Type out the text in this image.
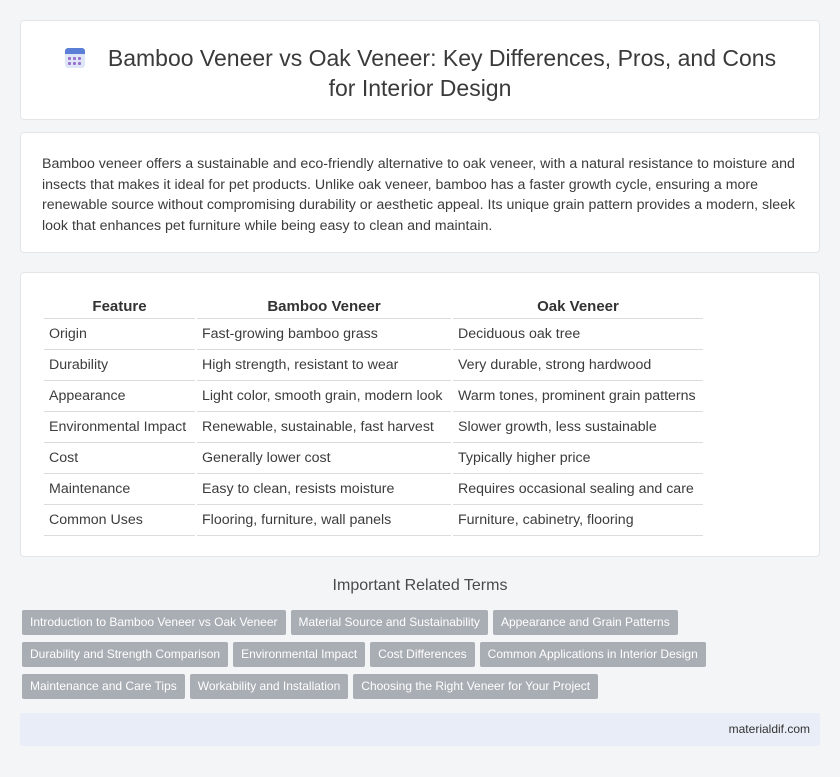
Bamboo Veneer vs Oak Veneer: Key Differences, Pros, and Cons for Interior Design

Bamboo veneer offers a sustainable and eco-friendly alternative to oak veneer, with a natural resistance to moisture and insects that makes it ideal for pet products. Unlike oak veneer, bamboo has a faster growth cycle, ensuring a more renewable source without compromising durability or aesthetic appeal. Its unique grain pattern provides a modern, sleek look that enhances pet furniture while being easy to clean and maintain.

Feature	Bamboo Veneer	Oak Veneer
Origin	Fast-growing bamboo grass	Deciduous oak tree
Durability	High strength, resistant to wear	Very durable, strong hardwood
Appearance	Light color, smooth grain, modern look	Warm tones, prominent grain patterns
Environmental Impact	Renewable, sustainable, fast harvest	Slower growth, less sustainable
Cost	Generally lower cost	Typically higher price
Maintenance	Easy to clean, resists moisture	Requires occasional sealing and care
Common Uses	Flooring, furniture, wall panels	Furniture, cabinetry, flooring
Important Related Terms
Introduction to Bamboo Veneer vs Oak Veneer Material Source and Sustainability Appearance and Grain Patterns
Durability and Strength Comparison Environmental Impact Cost Differences Common Applications in Interior Design
Maintenance and Care Tips Workability and Installation Choosing the Right Veneer for Your Project
materialdif.com
